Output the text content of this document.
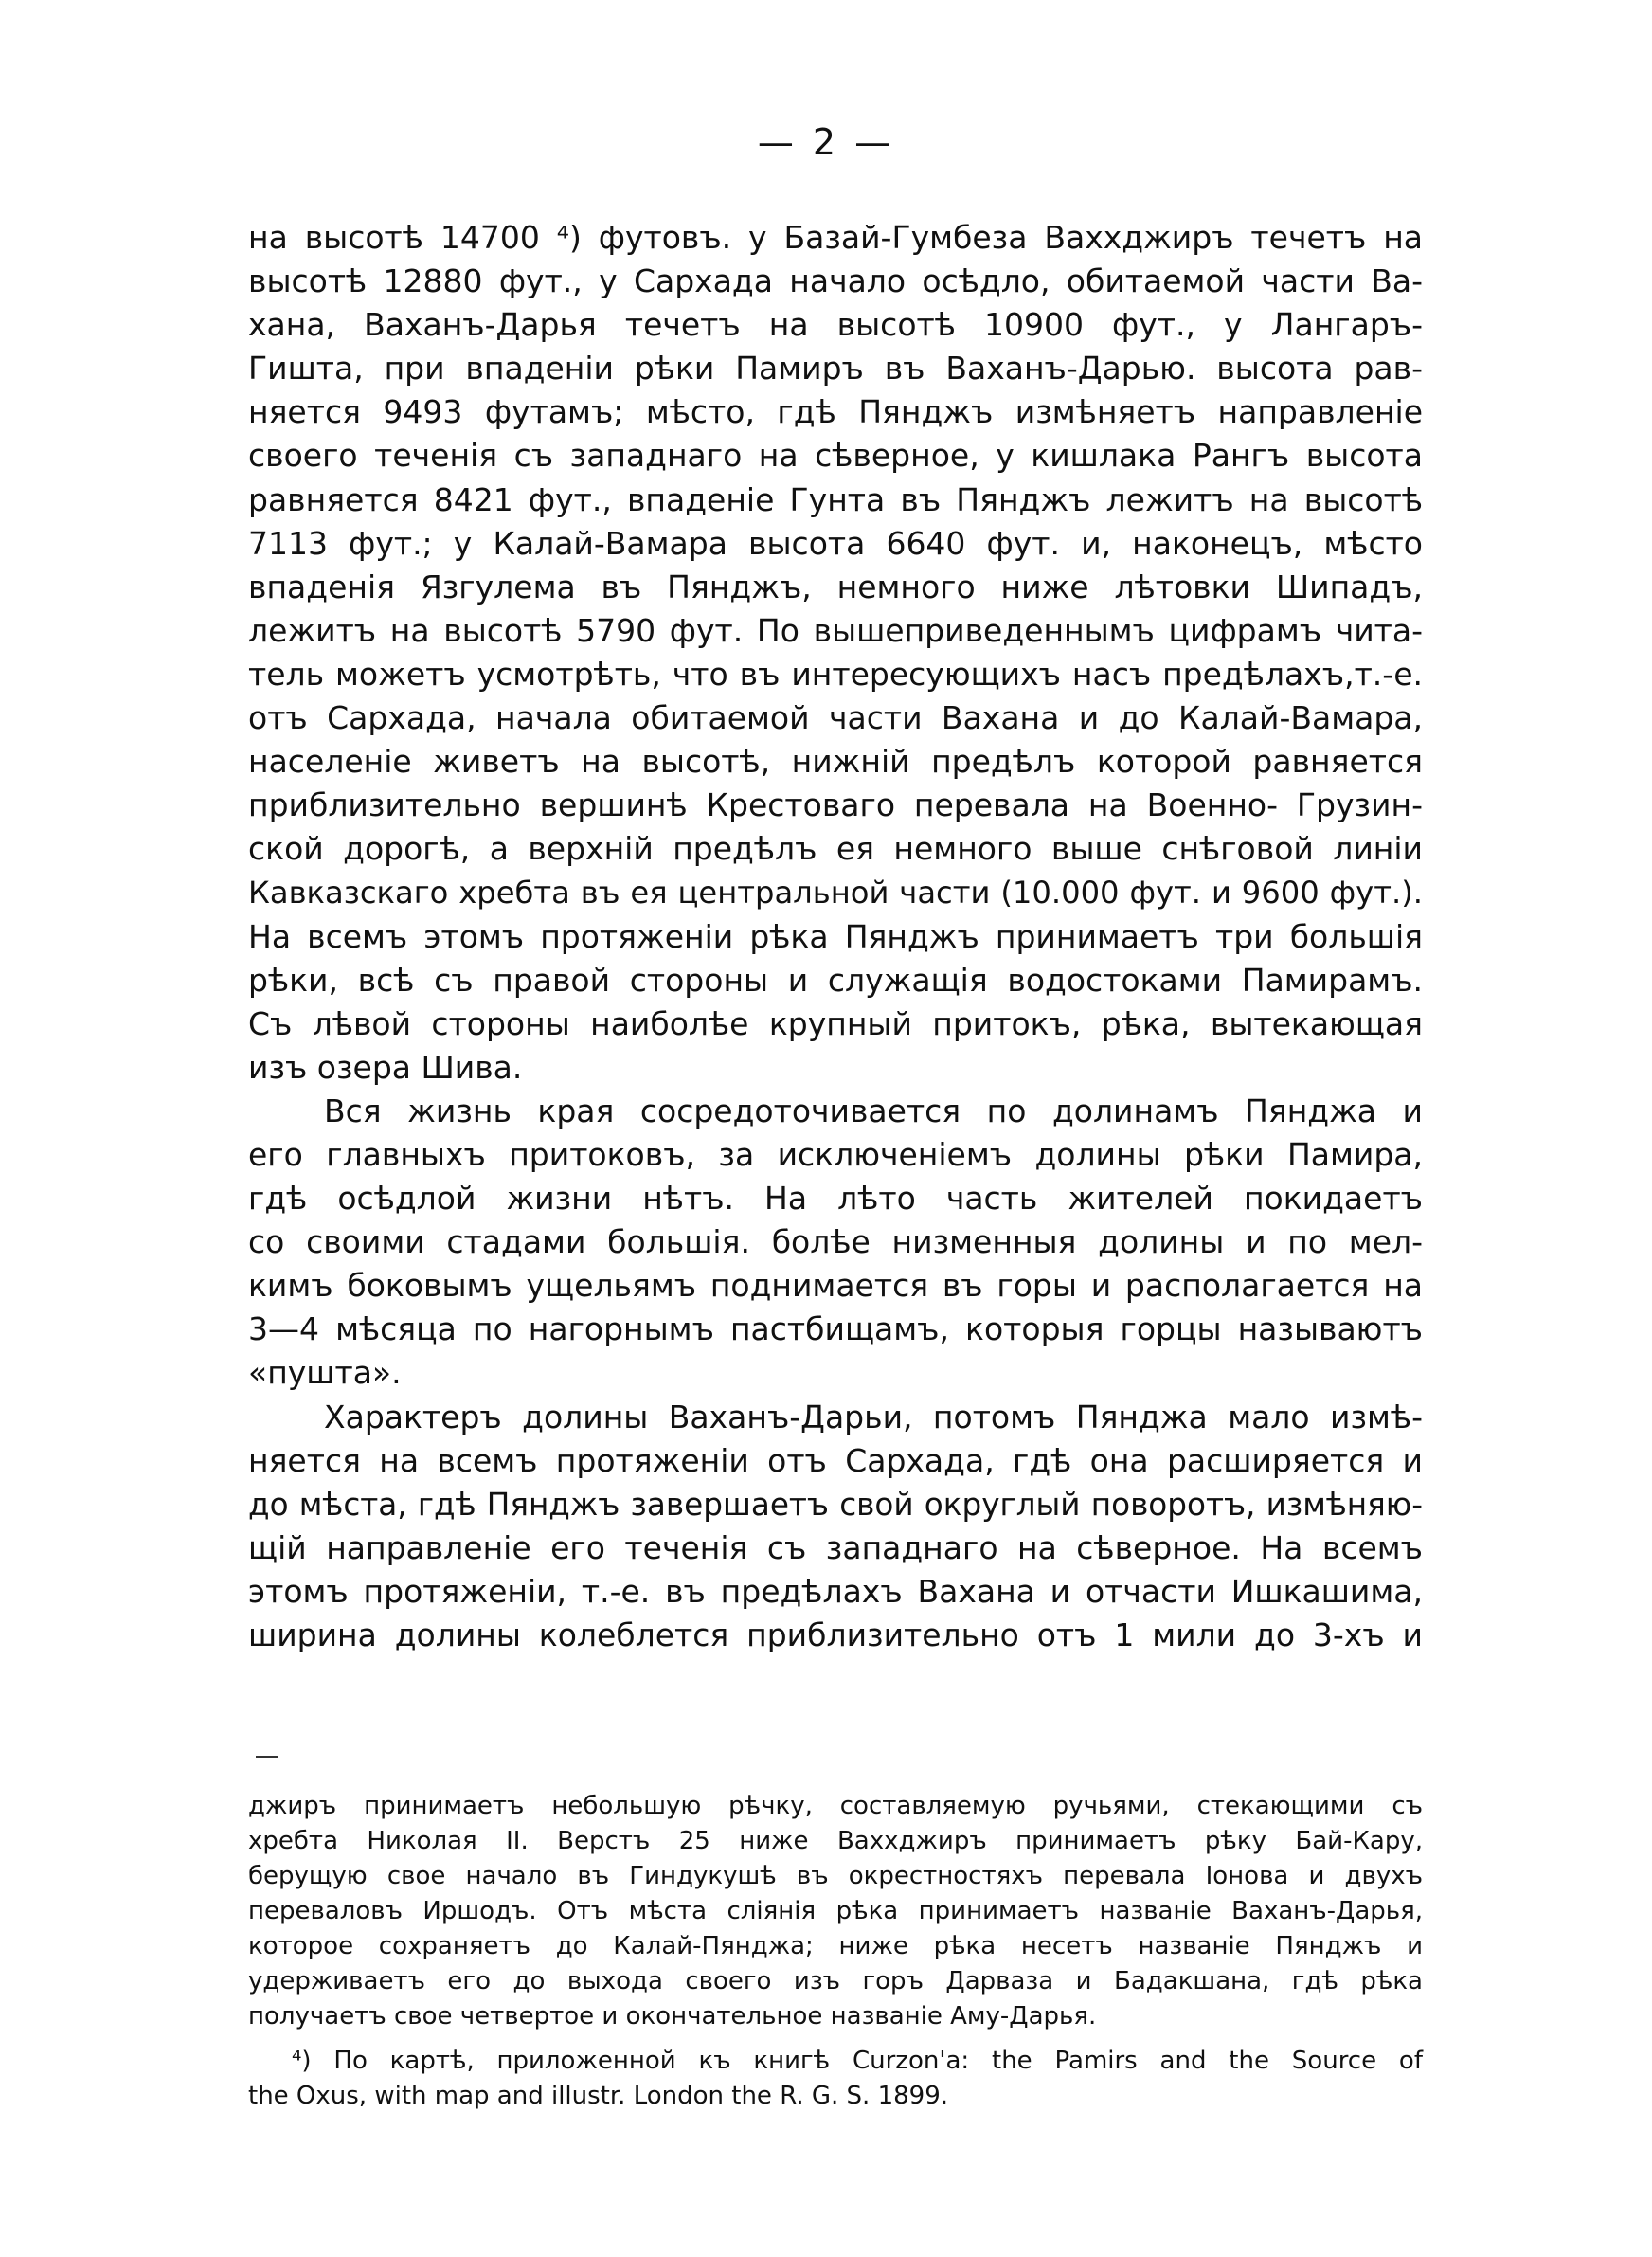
— 2 —
на высотѣ 14700 ⁴) футовъ. у Базай-Гумбеза Ваххджиръ течетъ на
высотѣ 12880 фут., у Сархада начало осѣдло, обитаемой части Ва-
хана, Ваханъ-Дарья течетъ на высотѣ 10900 фут., у Лангаръ-
Гишта, при впаденіи рѣки Памиръ въ Ваханъ-Дарью. высота рав-
няется 9493 футамъ; мѣсто, гдѣ Пянджъ измѣняетъ направленіе
своего теченія съ западнаго на сѣверное, у кишлака Рангъ высота
равняется 8421 фут., впаденіе Гунта въ Пянджъ лежитъ на высотѣ
7113 фут.; у Калай-Вамара высота 6640 фут. и, наконецъ, мѣсто
впаденія Язгулема въ Пянджъ, немного ниже лѣтовки Шипадъ,
лежитъ на высотѣ 5790 фут. По вышеприведеннымъ цифрамъ чита-
тель можетъ усмотрѣть, что въ интересующихъ насъ предѣлахъ,т.-е.
отъ Сархада, начала обитаемой части Вахана и до Калай-Вамара,
населеніе живетъ на высотѣ, нижній предѣлъ которой равняется
приблизительно вершинѣ Крестоваго перевала на Военно- Грузин-
ской дорогѣ, а верхній предѣлъ ея немного выше снѣговой линіи
Кавказскаго хребта въ ея центральной части (10.000 фут. и 9600 фут.).
На всемъ этомъ протяженіи рѣка Пянджъ принимаетъ три большія
рѣки, всѣ съ правой стороны и служащія водостоками Памирамъ.
Съ лѣвой стороны наиболѣе крупный притокъ, рѣка, вытекающая
изъ озера Шива.
Вся жизнь края сосредоточивается по долинамъ Пянджа и
его главныхъ притоковъ, за исключеніемъ долины рѣки Памира,
гдѣ осѣдлой жизни нѣтъ. На лѣто часть жителей покидаетъ
со своими стадами большія. болѣе низменныя долины и по мел-
кимъ боковымъ ущельямъ поднимается въ горы и располагается на
3—4 мѣсяца по нагорнымъ пастбищамъ, которыя горцы называютъ
«пушта».
Характеръ долины Ваханъ-Дарьи, потомъ Пянджа мало измѣ-
няется на всемъ протяженіи отъ Сархада, гдѣ она расширяется и
до мѣста, гдѣ Пянджъ завершаетъ свой округлый поворотъ, измѣняю-
щій направленіе его теченія съ западнаго на сѣверное. На всемъ
этомъ протяженіи, т.-е. въ предѣлахъ Вахана и отчасти Ишкашима,
ширина долины колеблется приблизительно отъ 1 мили до 3-хъ и
джиръ принимаетъ небольшую рѣчку, составляемую ручьями, стекающими съ
хребта Николая II. Верстъ 25 ниже Ваххджиръ принимаетъ рѣку Бай-Кару,
берущую свое начало въ Гиндукушѣ въ окрестностяхъ перевала Іонова и двухъ
переваловъ Иршодъ. Отъ мѣста слiянія рѣка принимаетъ названіе Ваханъ-Дарья,
которое сохраняетъ до Калай-Пянджа; ниже рѣка несетъ названіе Пянджъ и
удерживаетъ его до выхода своего изъ горъ Дарваза и Бадакшана, гдѣ рѣка
получаетъ свое четвертое и окончательное названіе Аму-Дарья.
⁴) По картѣ, приложенной къ книгѣ Curzon'а: the Pamirs and the Source of
the Oxus, with map and illustr. London the R. G. S. 1899.
